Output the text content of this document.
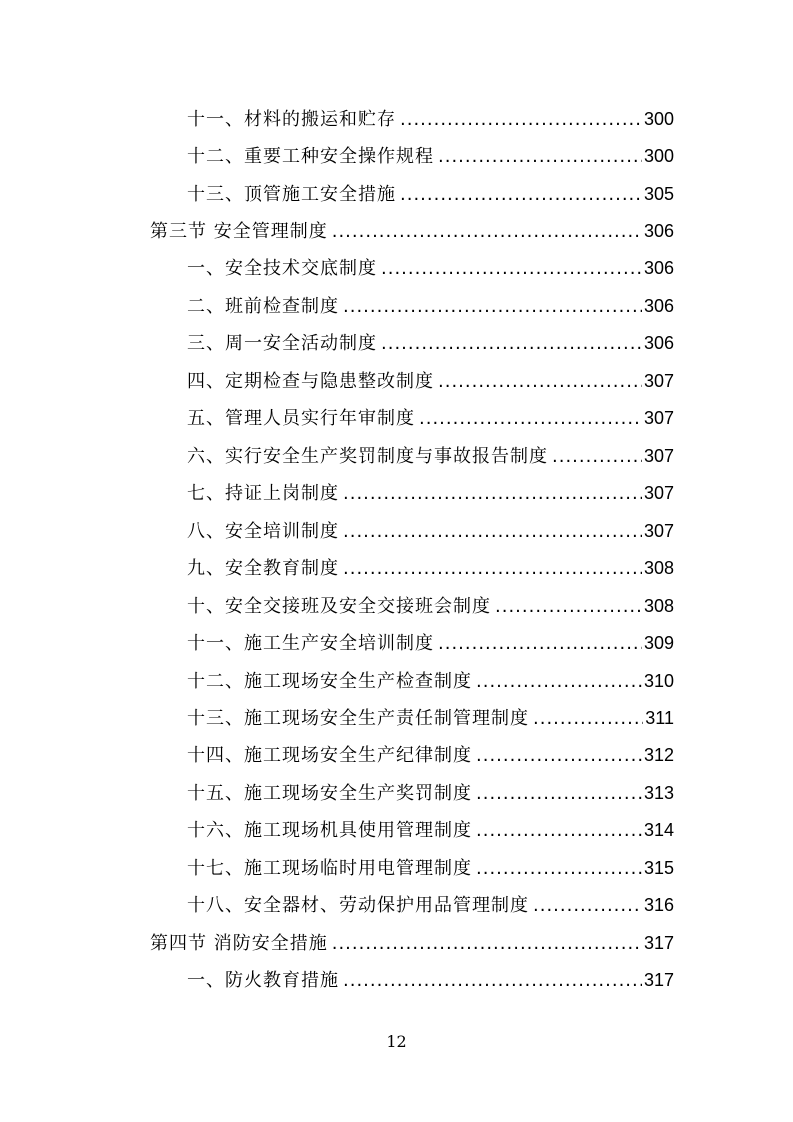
十一、材料的搬运和贮存 .....	300
十二、重要工种安全操作规程 .....	300
十三、顶管施工安全措施 .....	305
第三节 安全管理制度 .....	306
一、安全技术交底制度 .....	306
二、班前检查制度 .....	306
三、周一安全活动制度 .....	306
四、定期检查与隐患整改制度 .....	307
五、管理人员实行年审制度 .....	307
六、实行安全生产奖罚制度与事故报告制度 .....	307
七、持证上岗制度 .....	307
八、安全培训制度 .....	307
九、安全教育制度 .....	308
十、安全交接班及安全交接班会制度 .....	308
十一、施工生产安全培训制度 .....	309
十二、施工现场安全生产检查制度 .....	310
十三、施工现场安全生产责任制管理制度 .....	311
十四、施工现场安全生产纪律制度 .....	312
十五、施工现场安全生产奖罚制度 .....	313
十六、施工现场机具使用管理制度 .....	314
十七、施工现场临时用电管理制度 .....	315
十八、安全器材、劳动保护用品管理制度 .....	316
第四节 消防安全措施 .....	317
一、防火教育措施 .....	317
12
